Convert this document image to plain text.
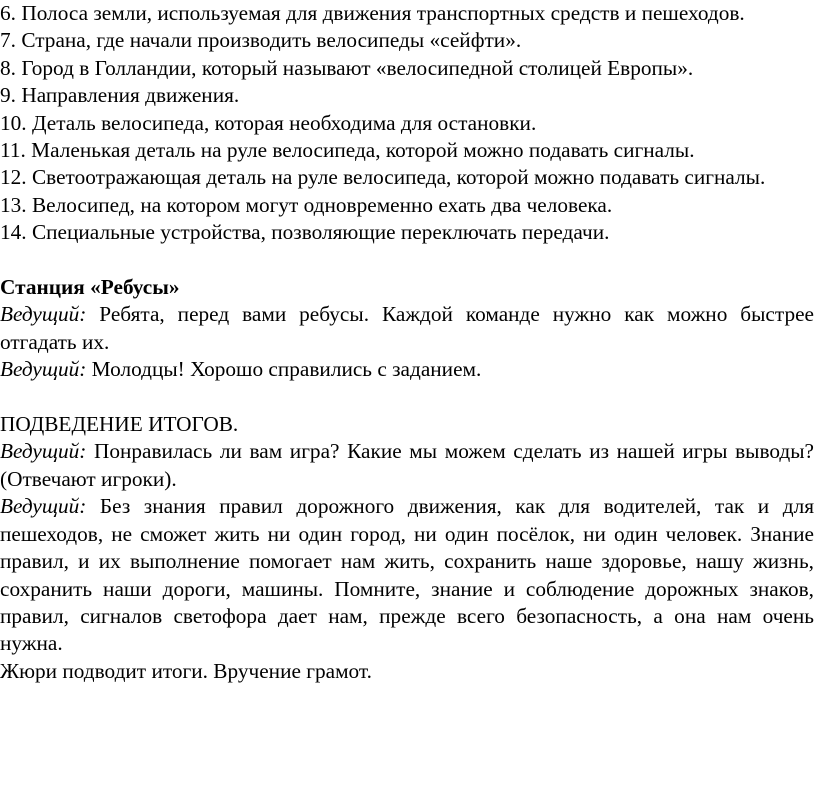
6. Полоса земли, используемая для движения транспортных средств и пешеходов.

7. Страна, где начали производить велосипеды «сейфти».

8. Город в Голландии, который называют «велосипедной столицей Европы».

9. Направления движения.

10. Деталь велосипеда, которая необходима для остановки.

11. Маленькая деталь на руле велосипеда, которой можно подавать сигналы.

12. Светоотражающая деталь на руле велосипеда, которой можно подавать сигналы.

13. Велосипед, на котором могут одновременно ехать два человека.

14. Специальные устройства, позволяющие переключать передачи.

Станция «Ребусы»

Ведущий: Ребята, перед вами ребусы. Каждой команде нужно как можно быстрее отгадать их.

Ведущий: Молодцы! Хорошо справились с заданием.

ПОДВЕДЕНИЕ ИТОГОВ.

Ведущий: Понравилась ли вам игра? Какие мы можем сделать из нашей игры выводы? (Отвечают игроки).

Ведущий: Без знания правил дорожного движения, как для водителей, так и для пешеходов, не сможет жить ни один город, ни один посёлок, ни один человек. Знание правил, и их выполнение помогает нам жить, сохранить наше здоровье, нашу жизнь, сохранить наши дороги, машины. Помните, знание и соблюдение дорожных знаков, правил, сигналов светофора дает нам, прежде всего безопасность, а она нам очень нужна.

Жюри подводит итоги. Вручение грамот.
